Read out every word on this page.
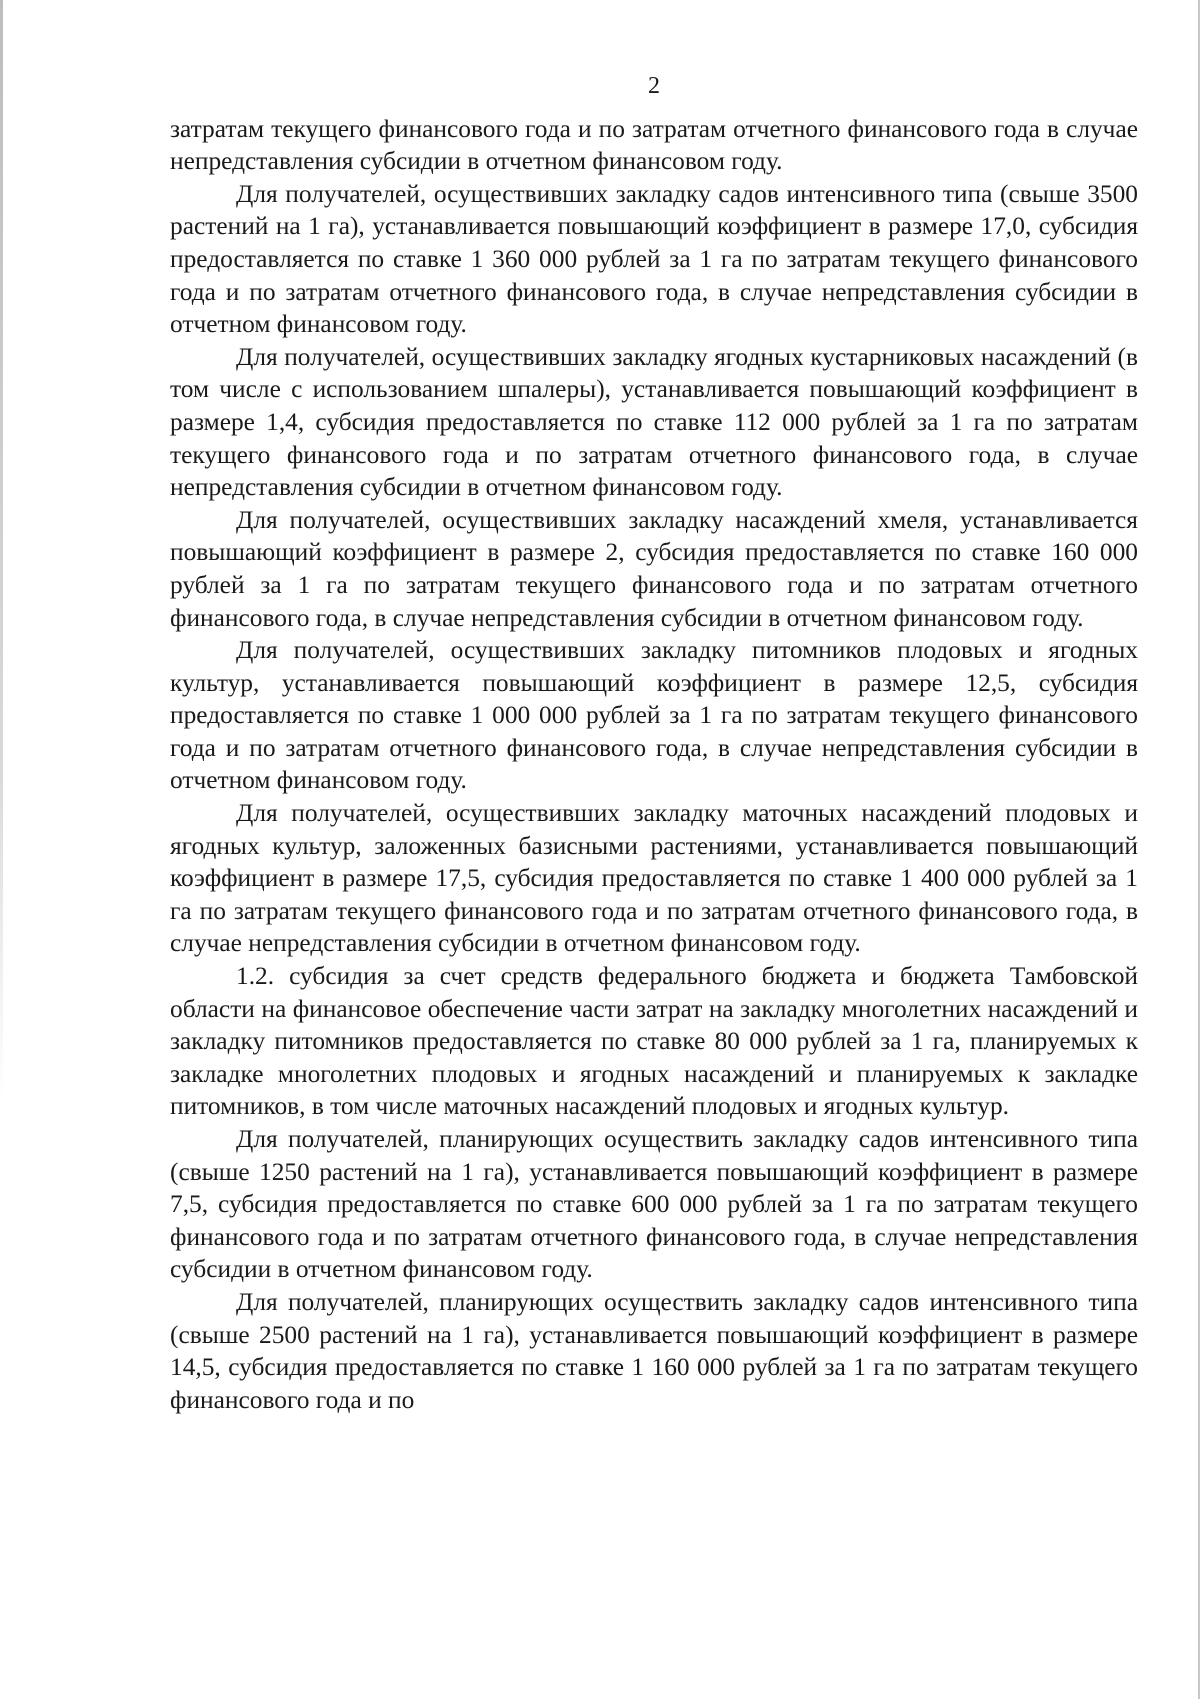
2

затратам текущего финансового года и по затратам отчетного финансового года в случае непредставления субсидии в отчетном финансовом году.

Для получателей, осуществивших закладку садов интенсивного типа (свыше 3500 растений на 1 га), устанавливается повышающий коэффициент в размере 17,0, субсидия предоставляется по ставке 1 360 000 рублей за 1 га по затратам текущего финансового года и по затратам отчетного финансового года, в случае непредставления субсидии в отчетном финансовом году.

Для получателей, осуществивших закладку ягодных кустарниковых насаждений (в том числе с использованием шпалеры), устанавливается повышающий коэффициент в размере 1,4, субсидия предоставляется по ставке 112 000 рублей за 1 га по затратам текущего финансового года и по затратам отчетного финансового года, в случае непредставления субсидии в отчетном финансовом году.

Для получателей, осуществивших закладку насаждений хмеля, устанавливается повышающий коэффициент в размере 2, субсидия предоставляется по ставке 160 000 рублей за 1 га по затратам текущего финансового года и по затратам отчетного финансового года, в случае непредставления субсидии в отчетном финансовом году.

Для получателей, осуществивших закладку питомников плодовых и ягодных культур, устанавливается повышающий коэффициент в размере 12,5, субсидия предоставляется по ставке 1 000 000 рублей за 1 га по затратам текущего финансового года и по затратам отчетного финансового года, в случае непредставления субсидии в отчетном финансовом году.

Для получателей, осуществивших закладку маточных насаждений плодовых и ягодных культур, заложенных базисными растениями, устанавливается повышающий коэффициент в размере 17,5, субсидия предоставляется по ставке 1 400 000 рублей за 1 га по затратам текущего финансового года и по затратам отчетного финансового года, в случае непредставления субсидии в отчетном финансовом году.

1.2. субсидия за счет средств федерального бюджета и бюджета Тамбовской области на финансовое обеспечение части затрат на закладку многолетних насаждений и закладку питомников предоставляется по ставке 80 000 рублей за 1 га, планируемых к закладке многолетних плодовых и ягодных насаждений и планируемых к закладке питомников, в том числе маточных насаждений плодовых и ягодных культур.

Для получателей, планирующих осуществить закладку садов интенсивного типа (свыше 1250 растений на 1 га), устанавливается повышающий коэффициент в размере 7,5, субсидия предоставляется по ставке 600 000 рублей за 1 га по затратам текущего финансового года и по затратам отчетного финансового года, в случае непредставления субсидии в отчетном финансовом году.

Для получателей, планирующих осуществить закладку садов интенсивного типа (свыше 2500 растений на 1 га), устанавливается повышающий коэффициент в размере 14,5, субсидия предоставляется по ставке 1 160 000 рублей за 1 га по затратам текущего финансового года и по
